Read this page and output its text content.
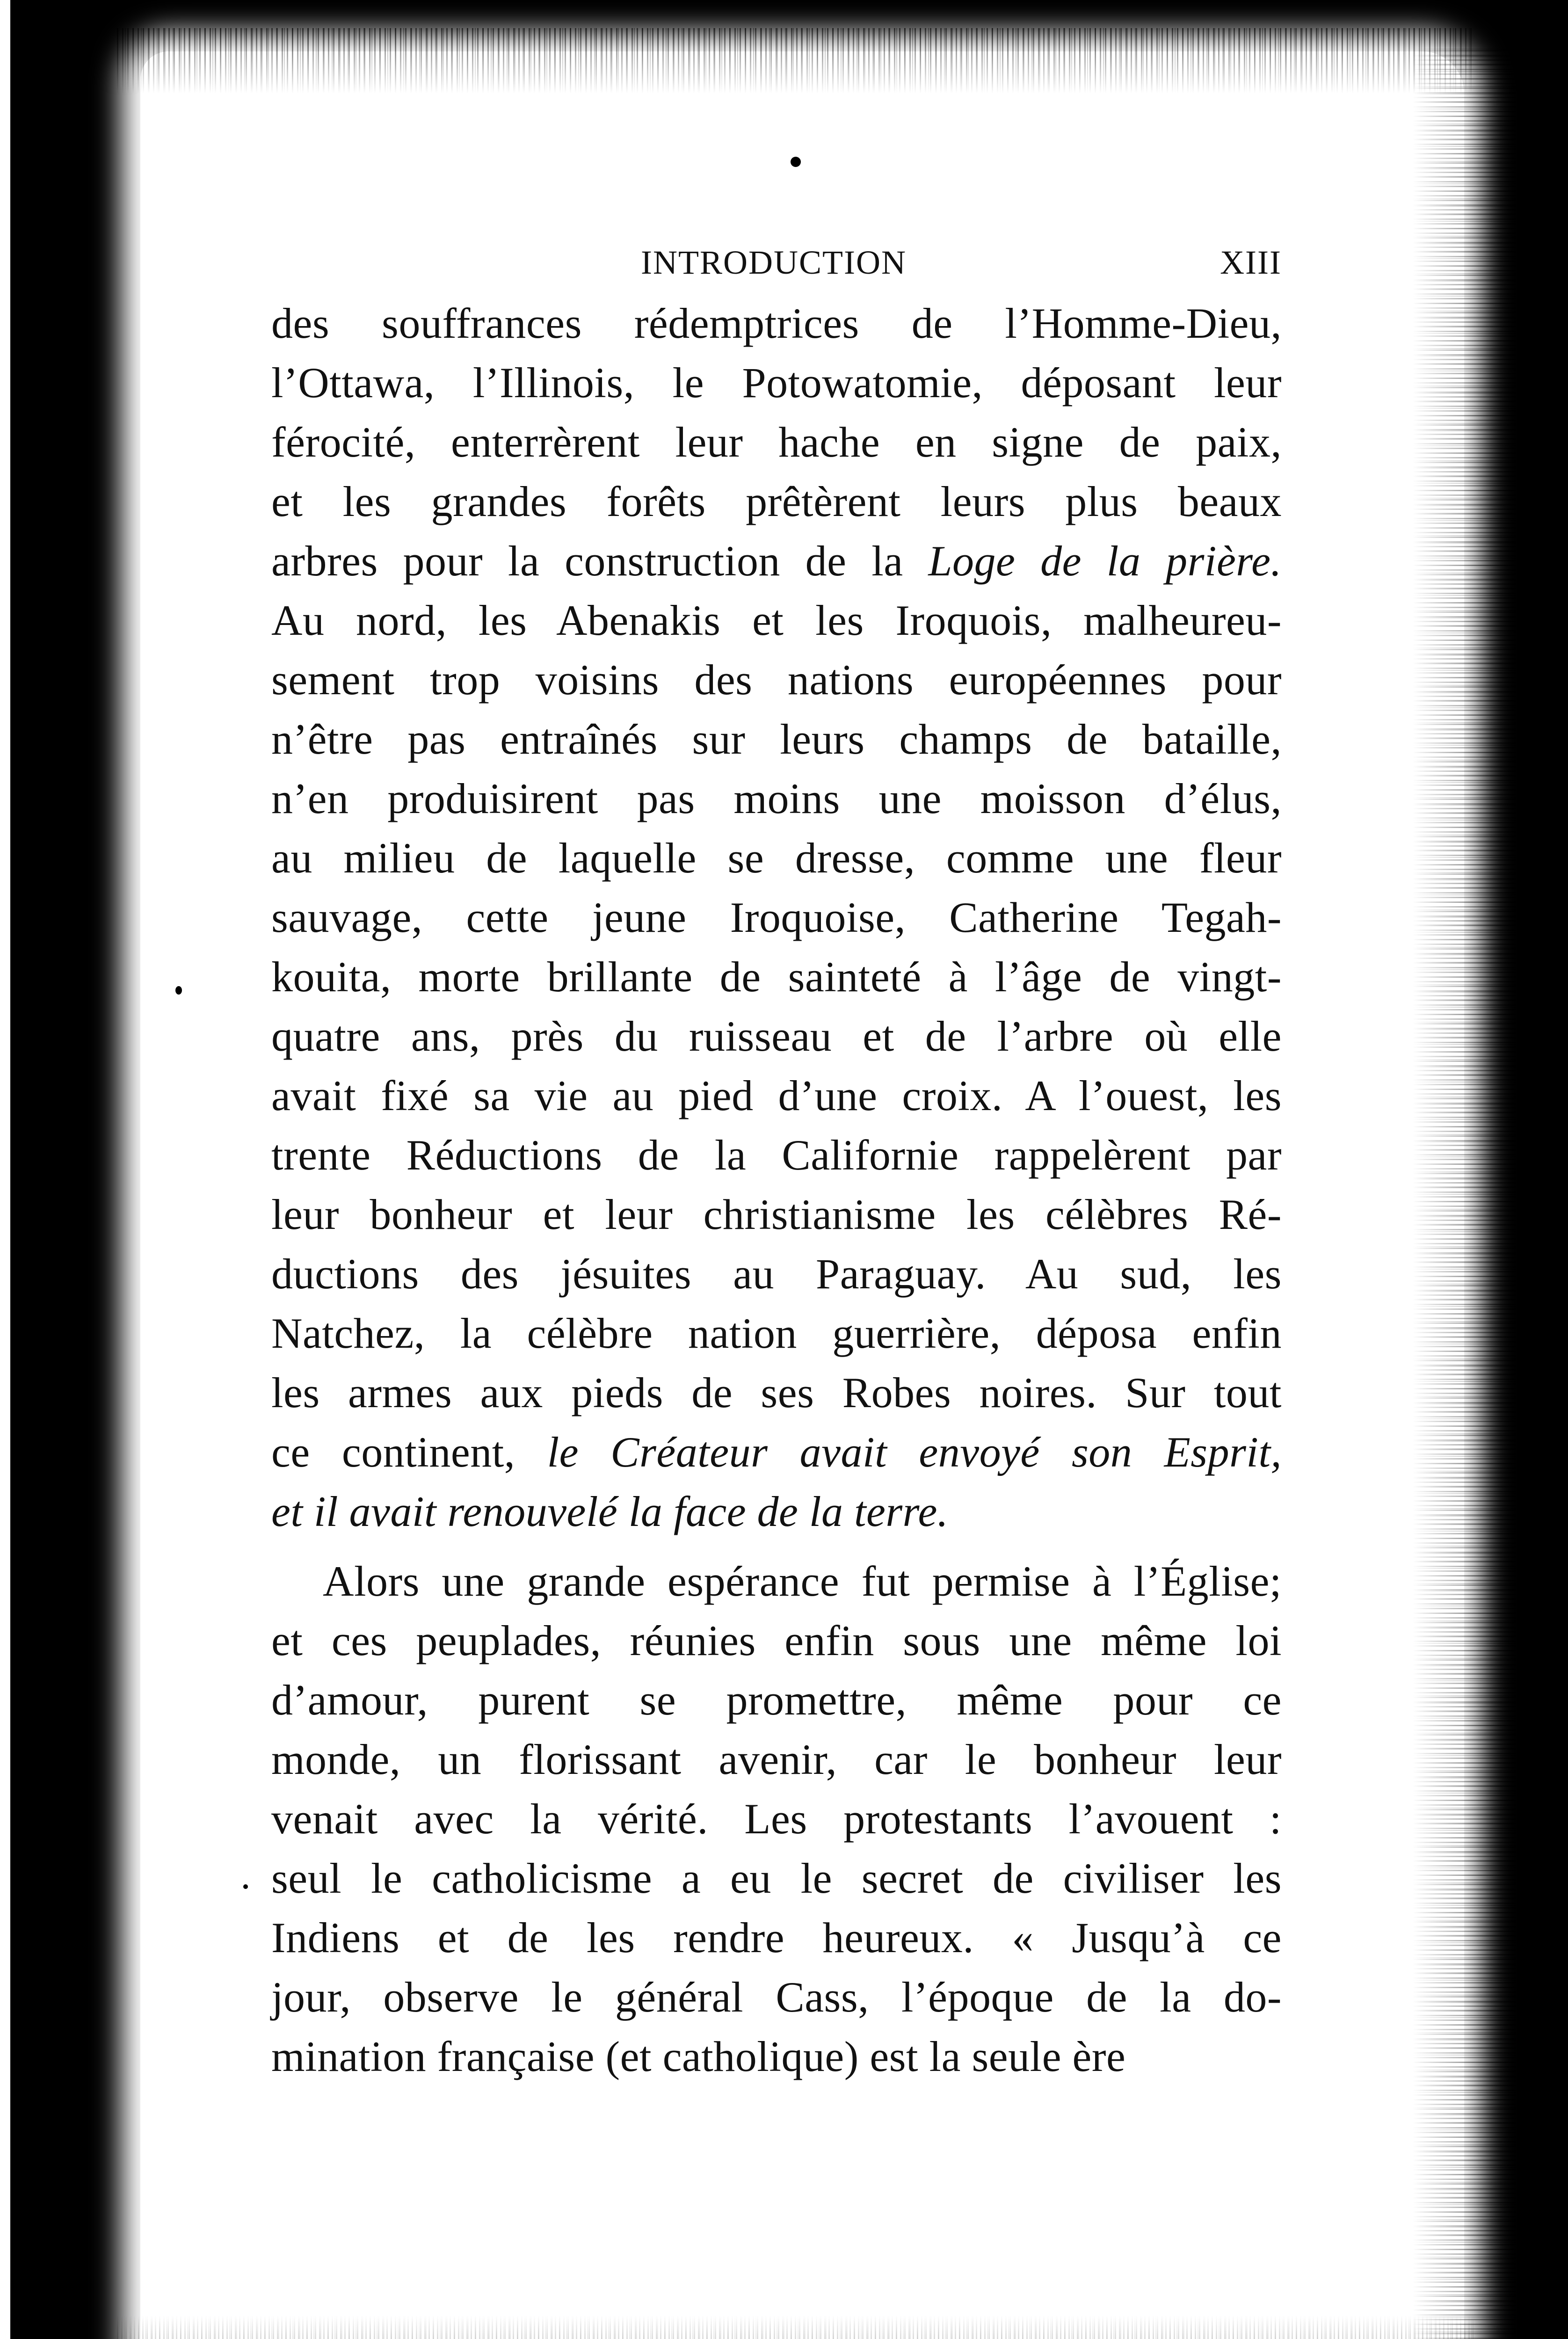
INTRODUCTION	XIII
des souffrances rédemptrices de l’Homme-Dieu,
l’Ottawa, l’Illinois, le Potowatomie, déposant leur
férocité, enterrèrent leur hache en signe de paix,
et les grandes forêts prêtèrent leurs plus beaux
arbres pour la construction de la Loge de la prière.
Au nord, les Abenakis et les Iroquois, malheureu-
sement trop voisins des nations européennes pour
n’être pas entraînés sur leurs champs de bataille,
n’en produisirent pas moins une moisson d’élus,
au milieu de laquelle se dresse, comme une fleur
sauvage, cette jeune Iroquoise, Catherine Tegah-
kouita, morte brillante de sainteté à l’âge de vingt-
quatre ans, près du ruisseau et de l’arbre où elle
avait fixé sa vie au pied d’une croix. A l’ouest, les
trente Réductions de la Californie rappelèrent par
leur bonheur et leur christianisme les célèbres Ré-
ductions des jésuites au Paraguay. Au sud, les
Natchez, la célèbre nation guerrière, déposa enfin
les armes aux pieds de ses Robes noires. Sur tout
ce continent, le Créateur avait envoyé son Esprit,
et il avait renouvelé la face de la terre.
Alors une grande espérance fut permise à l’Église;
et ces peuplades, réunies enfin sous une même loi
d’amour, purent se promettre, même pour ce
monde, un florissant avenir, car le bonheur leur
venait avec la vérité. Les protestants l’avouent :
seul le catholicisme a eu le secret de civiliser les
Indiens et de les rendre heureux. « Jusqu’à ce
jour, observe le général Cass, l’époque de la do-
mination française (et catholique) est la seule ère
